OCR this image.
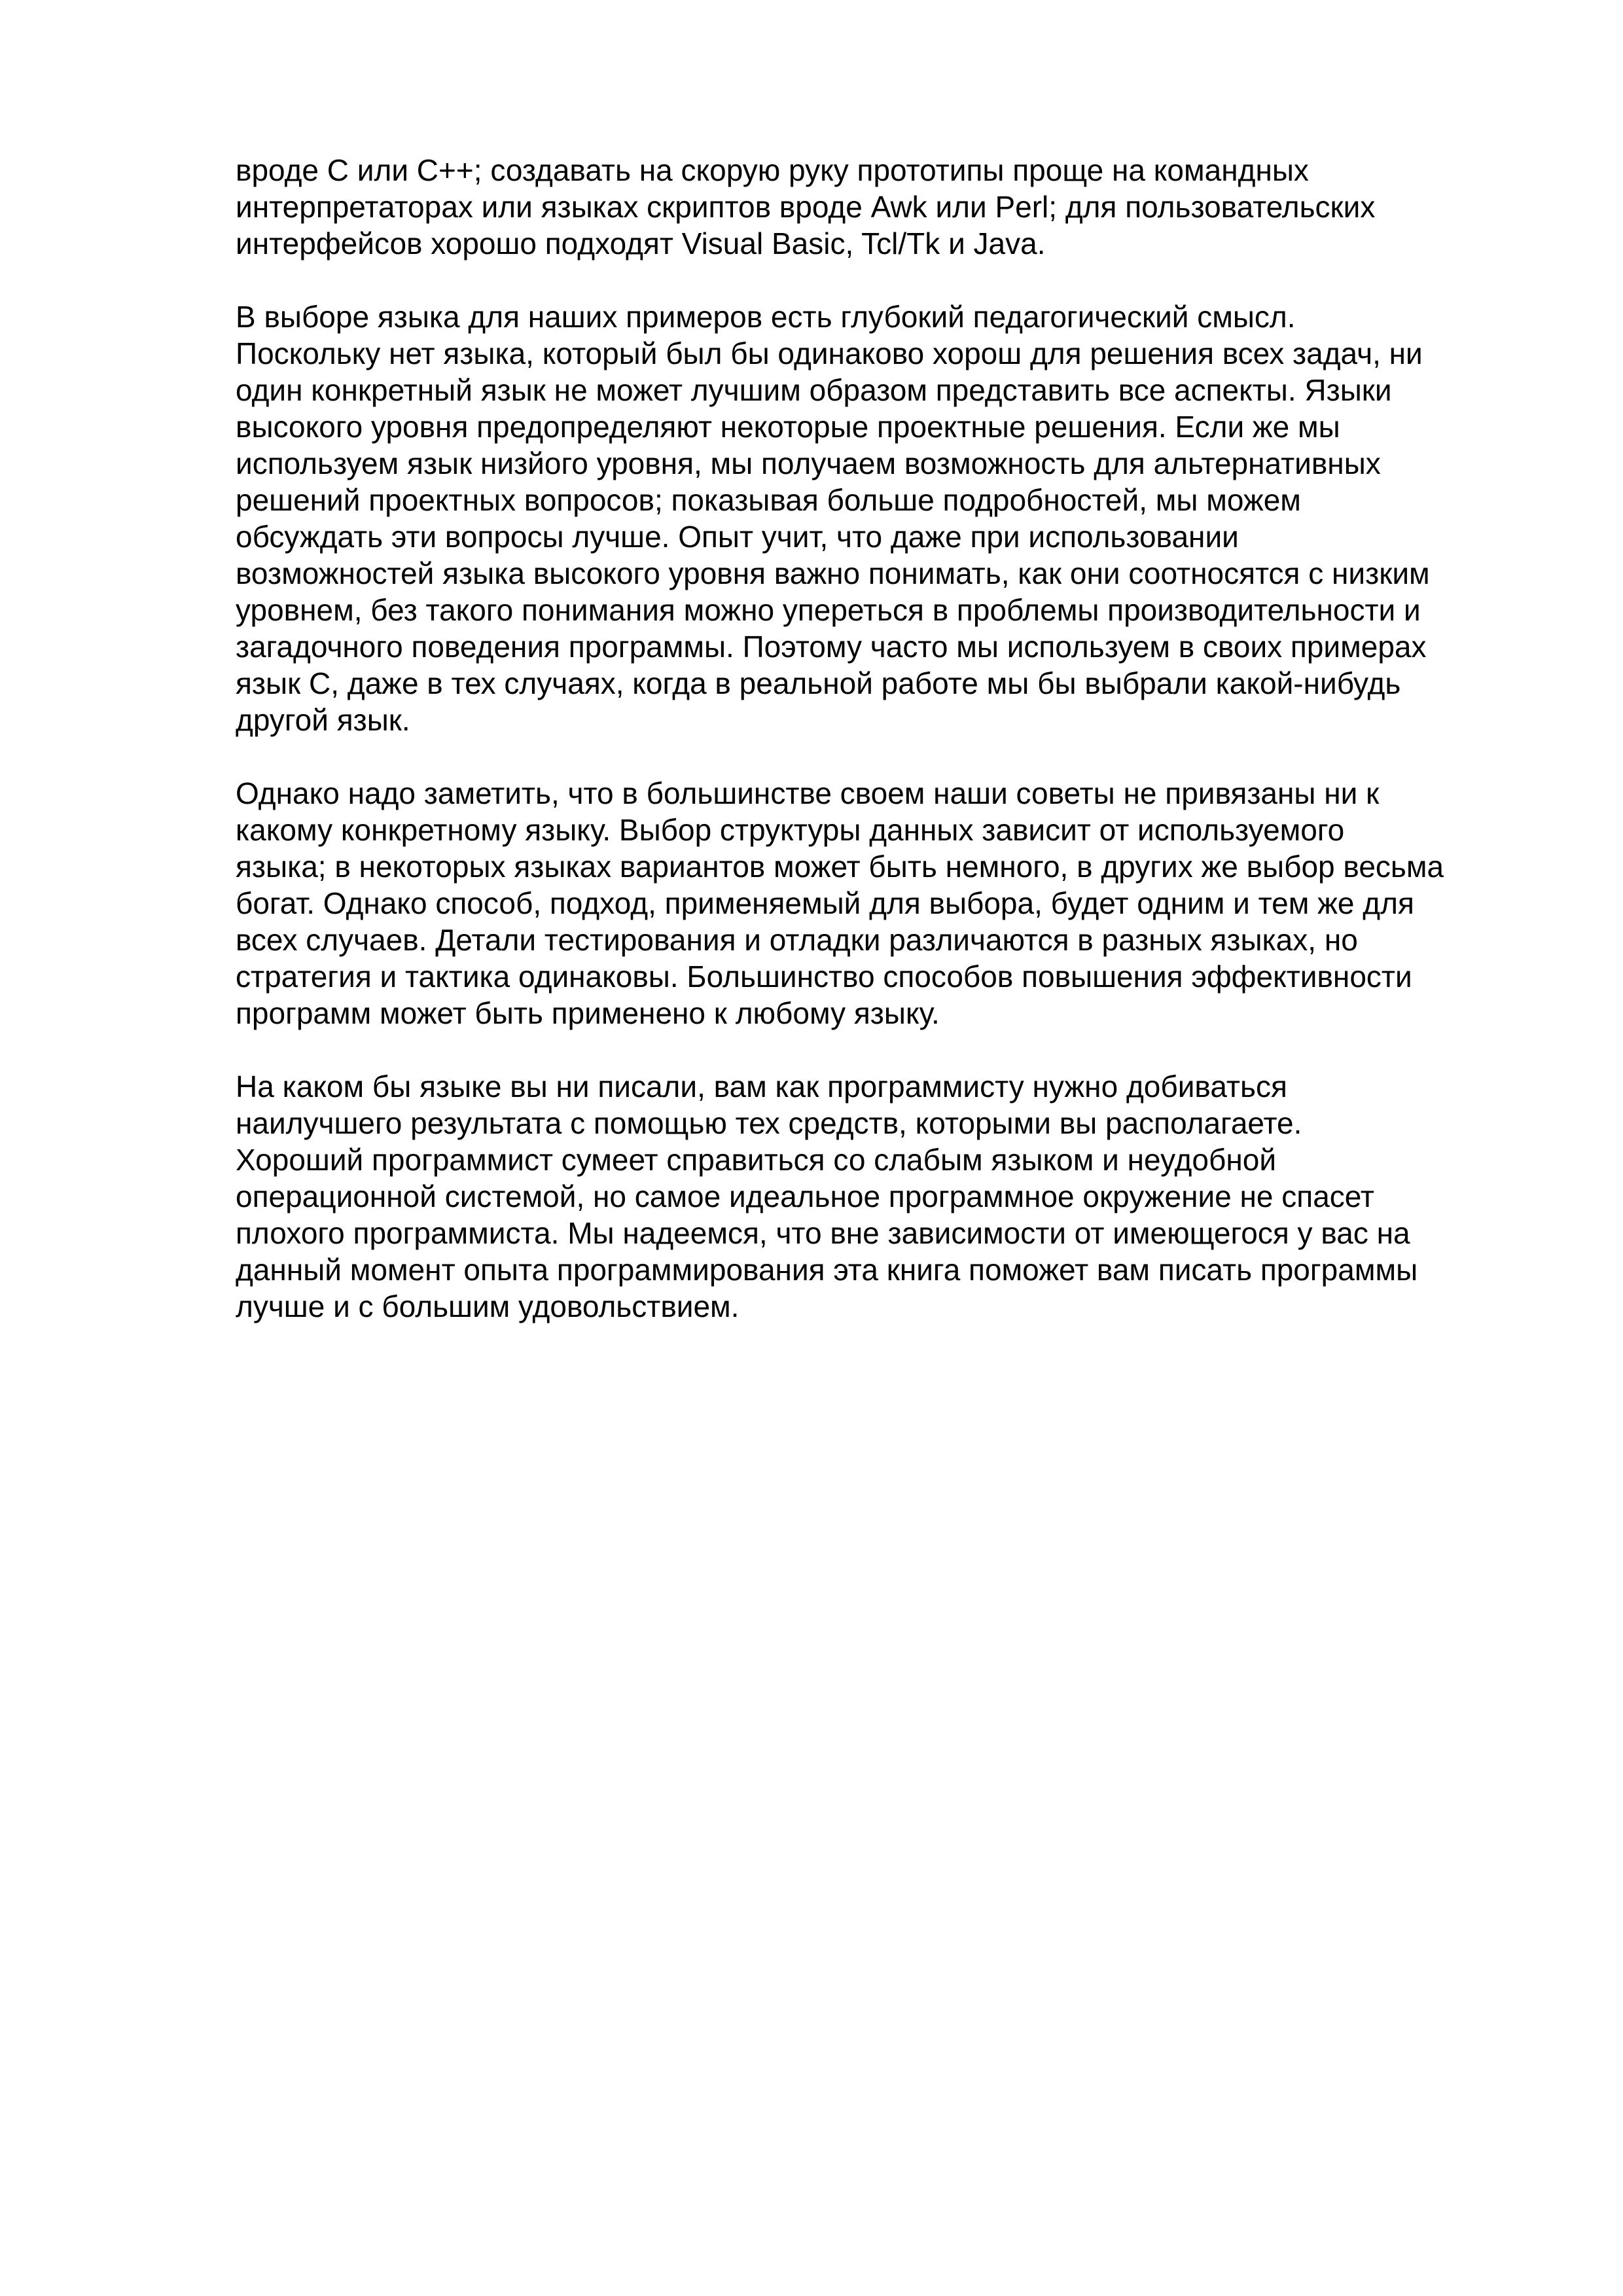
вроде C или C++; создавать на скорую руку прототипы проще на командных
интерпретаторах или языках скриптов вроде Awk или Perl; для пользовательских
интерфейсов хорошо подходят Visual Basic, Tcl/Tk и Java.

В выборе языка для наших примеров есть глубокий педагогический смысл.
Поскольку нет языка, который был бы одинаково хорош для решения всех задач, ни
один конкретный язык не может лучшим образом представить все аспекты. Языки
высокого уровня предопределяют некоторые проектные решения. Если же мы
используем язык низйого уровня, мы получаем возможность для альтернативных
решений проектных вопросов; показывая больше подробностей, мы можем
обсуждать эти вопросы лучше. Опыт учит, что даже при использовании
возможностей языка высокого уровня важно понимать, как они соотносятся с низким
уровнем, без такого понимания можно упереться в проблемы производительности и
загадочного поведения программы. Поэтому часто мы используем в своих примерах
язык С, даже в тех случаях, когда в реальной работе мы бы выбрали какой-нибудь
другой язык.

Однако надо заметить, что в большинстве своем наши советы не привязаны ни к
какому конкретному языку. Выбор структуры данных зависит от используемого
языка; в некоторых языках вариантов может быть немного, в других же выбор весьма
богат. Однако способ, подход, применяемый для выбора, будет одним и тем же для
всех случаев. Детали тестирования и отладки различаются в разных языках, но
стратегия и тактика одинаковы. Большинство способов повышения эффективности
программ может быть применено к любому языку.

На каком бы языке вы ни писали, вам как программисту нужно добиваться
наилучшего результата с помощью тех средств, которыми вы располагаете.
Хороший программист сумеет справиться со слабым языком и неудобной
операционной системой, но самое идеальное программное окружение не спасет
плохого программиста. Мы надеемся, что вне зависимости от имеющегося у вас на
данный момент опыта программирования эта книга поможет вам писать программы
лучше и с большим удовольствием.
